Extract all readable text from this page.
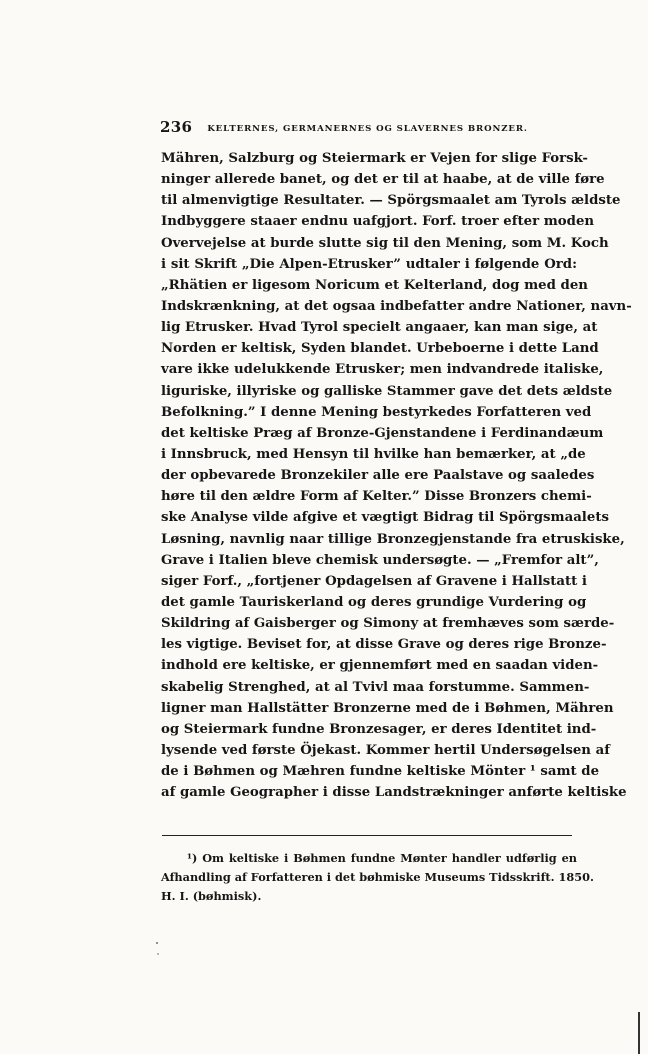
236 KELTERNES, GERMANERNES OG SLAVERNES BRONZER.
Mähren, Salzburg og Steiermark er Vejen for slige Forsk-
ninger allerede banet, og det er til at haabe, at de ville føre
til almenvigtige Resultater. — Spörgsmaalet am Tyrols ældste
Indbyggere staaer endnu uafgjort. Forf. troer efter moden
Overvejelse at burde slutte sig til den Mening, som M. Koch
i sit Skrift „Die Alpen-Etrusker” udtaler i følgende Ord:
„Rhätien er ligesom Noricum et Kelterland, dog med den
Indskrænkning, at det ogsaa indbefatter andre Nationer, navn-
lig Etrusker. Hvad Tyrol specielt angaaer, kan man sige, at
Norden er keltisk, Syden blandet. Urbeboerne i dette Land
vare ikke udelukkende Etrusker; men indvandrede italiske,
liguriske, illyriske og galliske Stammer gave det dets ældste
Befolkning.” I denne Mening bestyrkedes Forfatteren ved
det keltiske Præg af Bronze-Gjenstandene i Ferdinandæum
i Innsbruck, med Hensyn til hvilke han bemærker, at „de
der opbevarede Bronzekiler alle ere Paalstave og saaledes
høre til den ældre Form af Kelter.” Disse Bronzers chemi-
ske Analyse vilde afgive et vægtigt Bidrag til Spörgsmaalets
Løsning, navnlig naar tillige Bronzegjenstande fra etruskiske,
Grave i Italien bleve chemisk undersøgte. — „Fremfor alt”,
siger Forf., „fortjener Opdagelsen af Gravene i Hallstatt i
det gamle Tauriskerland og deres grundige Vurdering og
Skildring af Gaisberger og Simony at fremhæves som særde-
les vigtige. Beviset for, at disse Grave og deres rige Bronze-
indhold ere keltiske, er gjennemført med en saadan viden-
skabelig Strenghed, at al Tvivl maa forstumme. Sammen-
ligner man Hallstätter Bronzerne med de i Bøhmen, Mähren
og Steiermark fundne Bronzesager, er deres Identitet ind-
lysende ved første Öjekast. Kommer hertil Undersøgelsen af
de i Bøhmen og Mæhren fundne keltiske Mönter ¹ samt de
af gamle Geographer i disse Landstrækninger anførte keltiske
¹) Om keltiske i Bøhmen fundne Mønter handler udførlig en
Afhandling af Forfatteren i det bøhmiske Museums Tidsskrift. 1850.
H. I. (bøhmisk).
